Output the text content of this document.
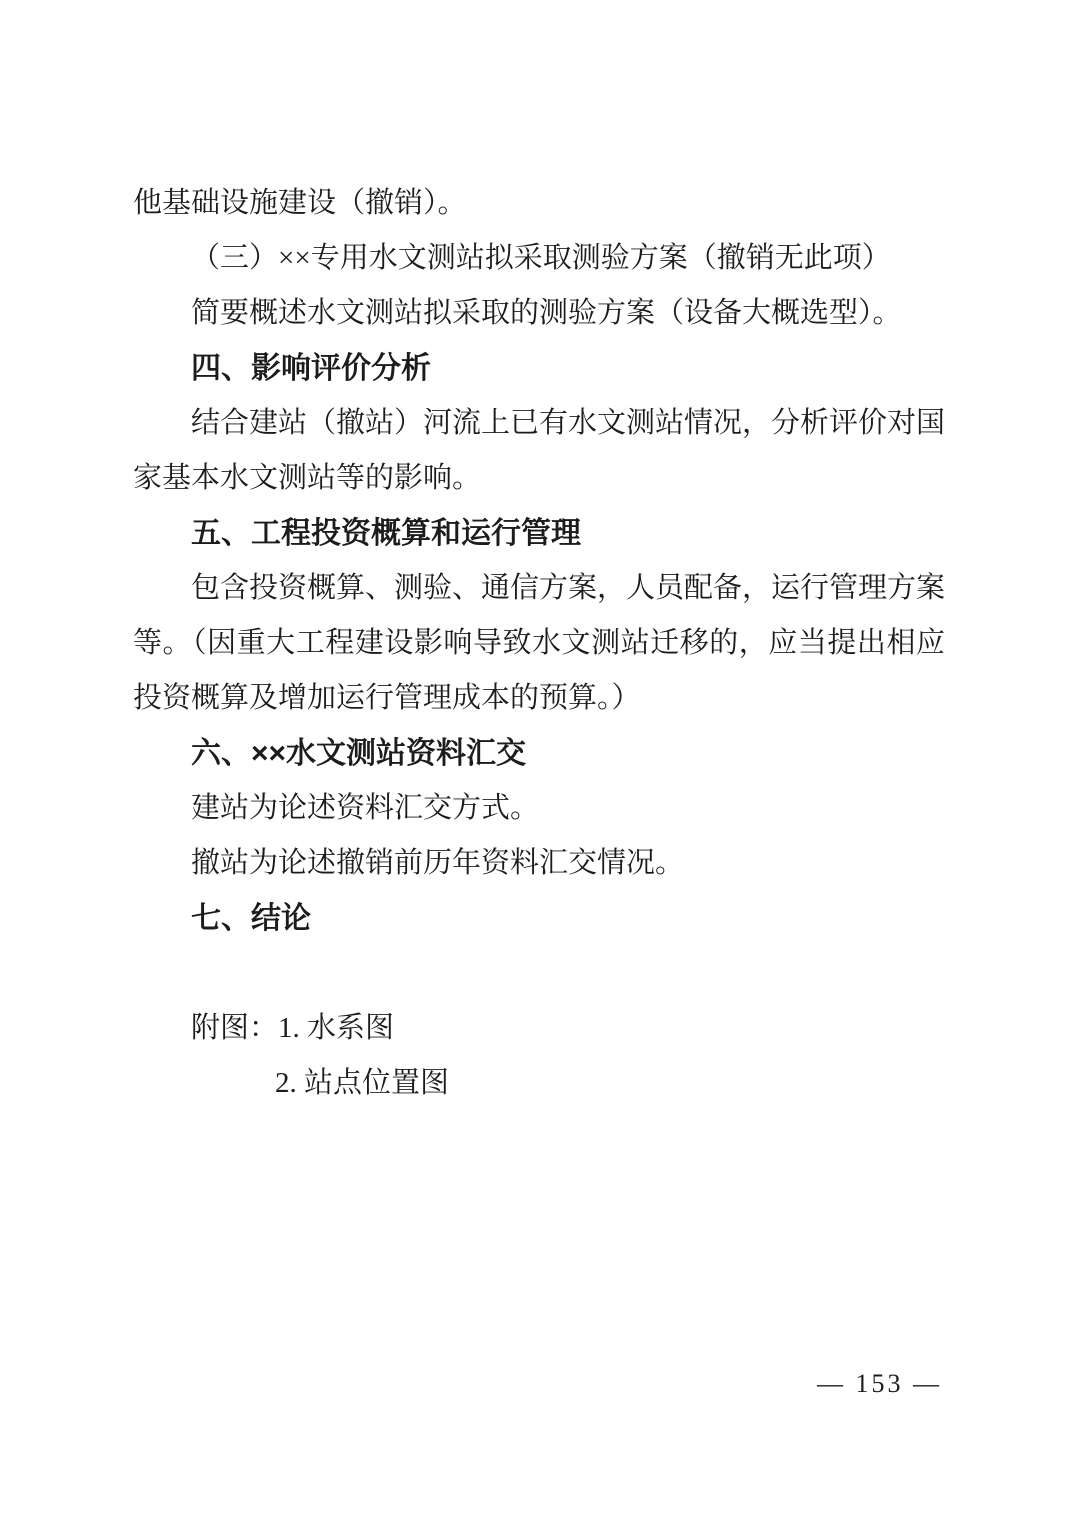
他基础设施建设（撤销）。
（三）××专用水文测站拟采取测验方案（撤销无此项）
简要概述水文测站拟采取的测验方案（设备大概选型）。
四、影响评价分析
结合建站（撤站）河流上已有水文测站情况，分析评价对国
家基本水文测站等的影响。
五、工程投资概算和运行管理
包含投资概算、测验、通信方案，人员配备，运行管理方案
等。（因重大工程建设影响导致水文测站迁移的，应当提出相应
投资概算及增加运行管理成本的预算。）
六、××水文测站资料汇交
建站为论述资料汇交方式。
撤站为论述撤销前历年资料汇交情况。
七、结论
附图：1. 水系图
2. 站点位置图
— 153 —
